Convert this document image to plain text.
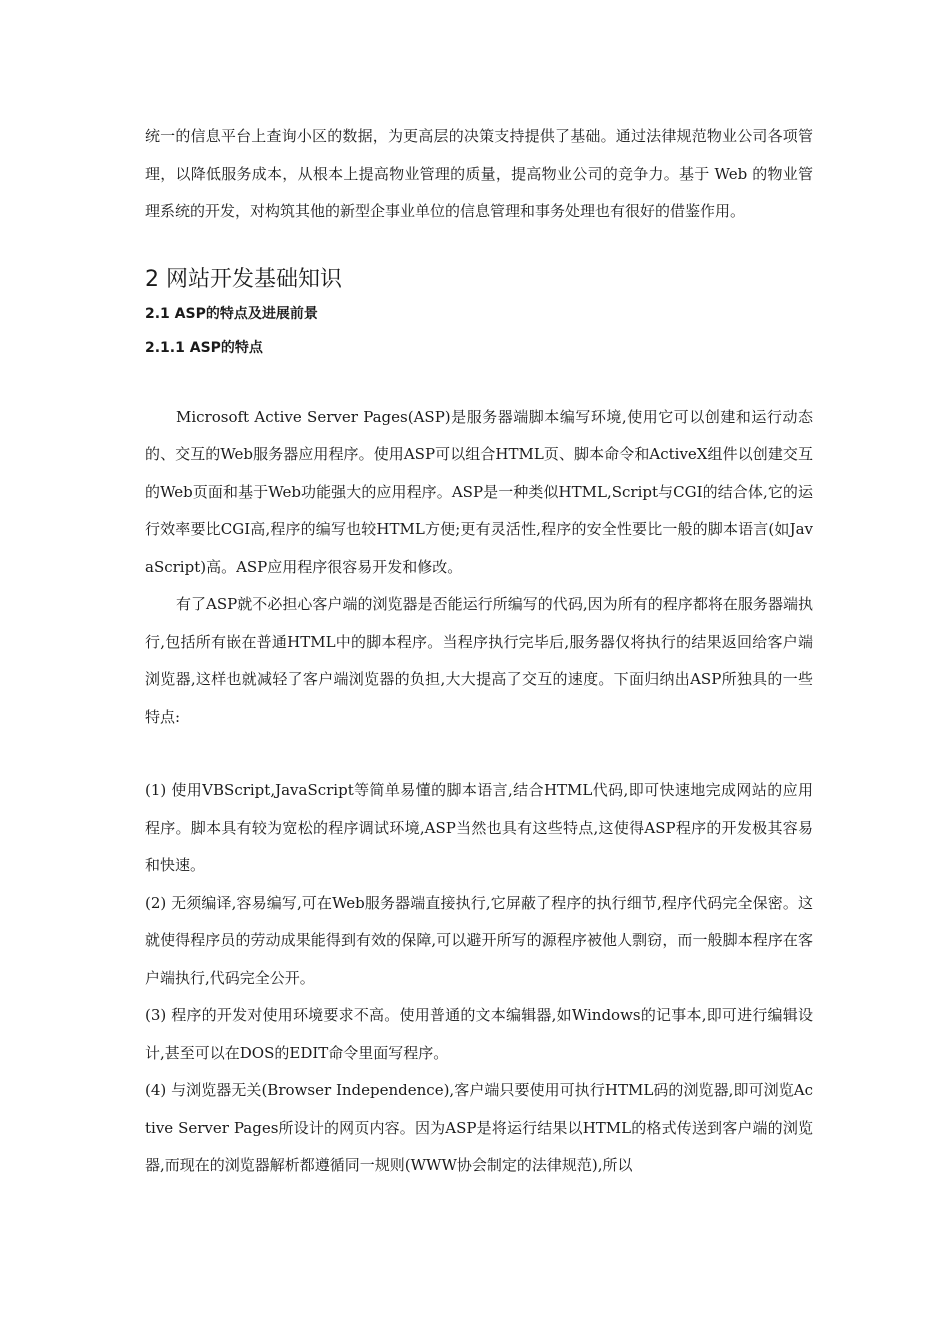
统一的信息平台上查询小区的数据，为更高层的决策支持提供了基础。通过法律规范物业公司各项管理，以降低服务成本，从根本上提高物业管理的质量，提高物业公司的竞争力。基于 Web 的物业管理系统的开发，对构筑其他的新型企事业单位的信息管理和事务处理也有很好的借鉴作用。

2 网站开发基础知识
2.1 ASP的特点及进展前景
2.1.1 ASP的特点

Microsoft Active Server Pages(ASP)是服务器端脚本编写环境,使用它可以创建和运行动态的、交互的Web服务器应用程序。使用ASP可以组合HTML页、脚本命令和ActiveX组件以创建交互的Web页面和基于Web功能强大的应用程序。ASP是一种类似HTML,Script与CGI的结合体,它的运行效率要比CGI高,程序的编写也较HTML方便;更有灵活性,程序的安全性要比一般的脚本语言(如JavaScript)高。ASP应用程序很容易开发和修改。

有了ASP就不必担心客户端的浏览器是否能运行所编写的代码,因为所有的程序都将在服务器端执行,包括所有嵌在普通HTML中的脚本程序。当程序执行完毕后,服务器仅将执行的结果返回给客户端浏览器,这样也就减轻了客户端浏览器的负担,大大提高了交互的速度。下面归纳出ASP所独具的一些特点:

(1) 使用VBScript,JavaScript等简单易懂的脚本语言,结合HTML代码,即可快速地完成网站的应用程序。脚本具有较为宽松的程序调试环境,ASP当然也具有这些特点,这使得ASP程序的开发极其容易和快速。

(2) 无须编译,容易编写,可在Web服务器端直接执行,它屏蔽了程序的执行细节,程序代码完全保密。这就使得程序员的劳动成果能得到有效的保障,可以避开所写的源程序被他人剽窃，而一般脚本程序在客户端执行,代码完全公开。

(3) 程序的开发对使用环境要求不高。使用普通的文本编辑器,如Windows的记事本,即可进行编辑设计,甚至可以在DOS的EDIT命令里面写程序。

(4) 与浏览器无关(Browser Independence),客户端只要使用可执行HTML码的浏览器,即可浏览Active Server Pages所设计的网页内容。因为ASP是将运行结果以HTML的格式传送到客户端的浏览器,而现在的浏览器解析都遵循同一规则(WWW协会制定的法律规范),所以
